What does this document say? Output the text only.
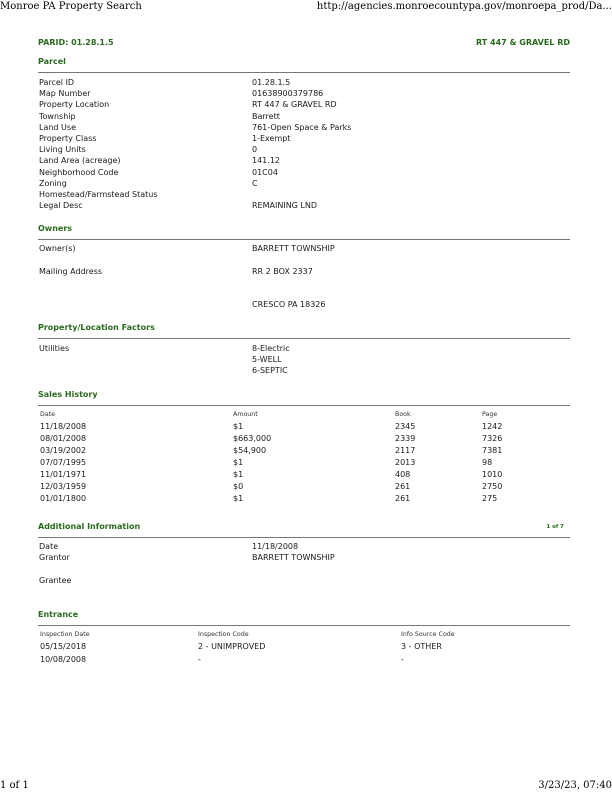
Monroe PA Property Search	http://agencies.monroecountypa.gov/monroepa_prod/Da...
1 of 1	3/23/23, 07:40
PARID: 01.28.1.5	RT 447 & GRAVEL RD
Parcel
Parcel ID	01.28.1.5
Map Number	01638900379786
Property Location	RT 447 & GRAVEL RD
Township	Barrett
Land Use	761-Open Space & Parks
Property Class	1-Exempt
Living Units	0
Land Area (acreage)	141.12
Neighborhood Code	01C04
Zoning	C
Homestead/Farmstead Status
Legal Desc	REMAINING LND
Owners
Owner(s)	BARRETT TOWNSHIP
Mailing Address	RR 2 BOX 2337
CRESCO PA 18326
Property/Location Factors
Utilities	8-Electric
5-WELL
6-SEPTIC
Sales History
Date	Amount	Book	Page
11/18/2008	$1	2345	1242
08/01/2008	$663,000	2339	7326
03/19/2002	$54,900	2117	7381
07/07/1995	$1	2013	98
11/01/1971	$1	408	1010
12/03/1959	$0	261	2750
01/01/1800	$1	261	275
Additional Information	1 of 7
Date	11/18/2008
Grantor	BARRETT TOWNSHIP
Grantee
Entrance
Inspection Date	Inspection Code	Info Source Code
05/15/2018	2 - UNIMPROVED	3 - OTHER
10/08/2008	-	-
